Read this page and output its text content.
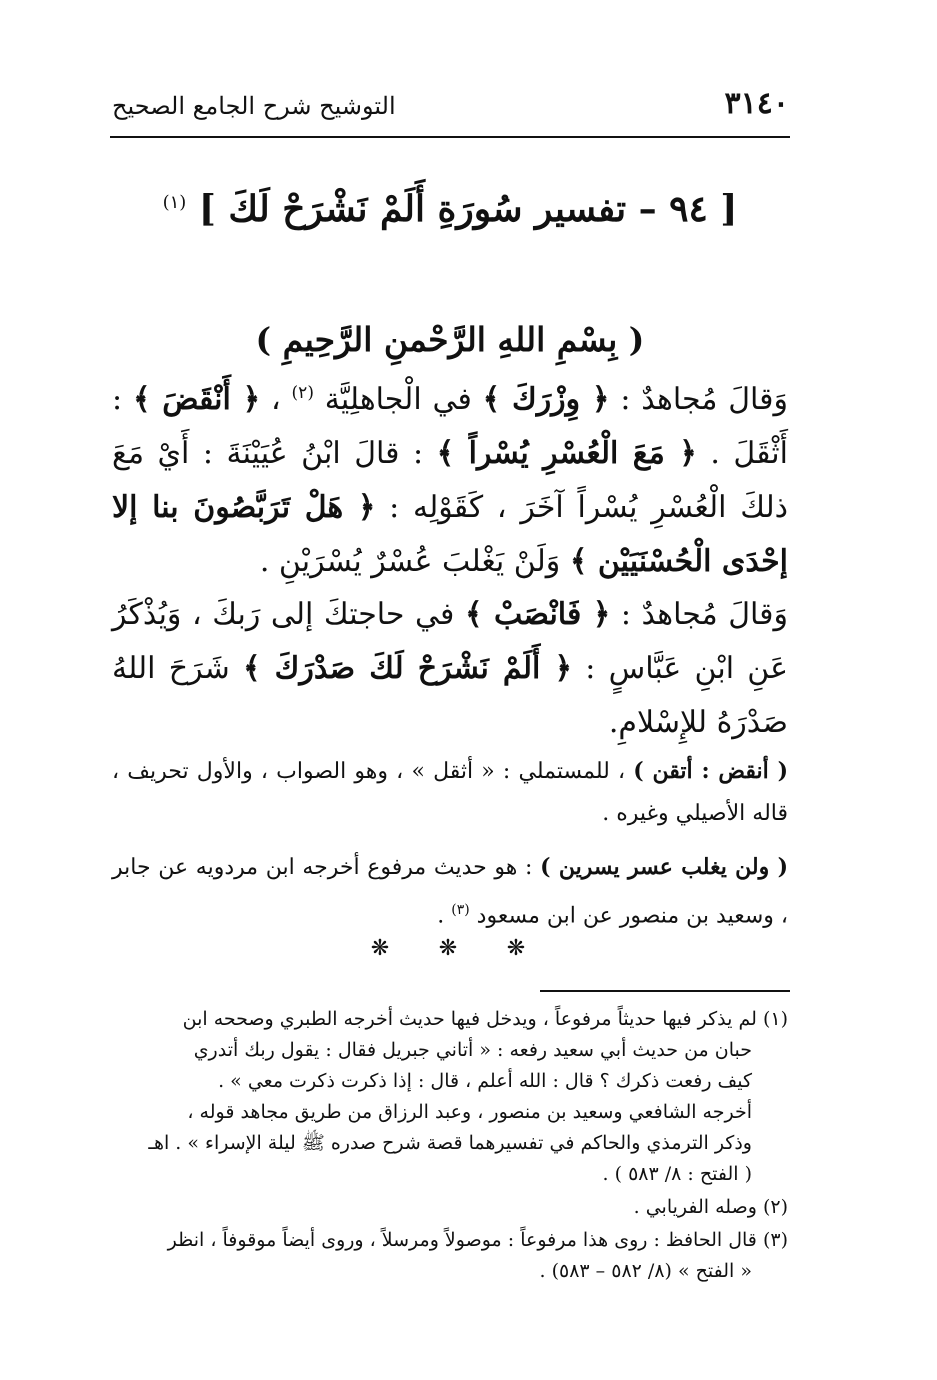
٣١٤٠
التوشيح شرح الجامع الصحيح
[ ٩٤ – تفسير سُورَةِ أَلَمْ نَشْرَحْ لَكَ ] $^{(١)}$
( بِسْمِ اللهِ الرَّحْمنِ الرَّحِيمِ )
وَقالَ مُجاهدٌ : ﴿ وِزْرَكَ ﴾ في الْجاهلِيَّة $^{(٢)}$ ، ﴿ أَنْقَضَ ﴾ : أَثْقَلَ . ﴿ مَعَ الْعُسْرِ يُسْراً ﴾ : قالَ ابْنُ عُيَيْنَةَ : أَيْ مَعَ ذلكَ الْعُسْرِ يُسْراً آخَرَ ، كَقَوْلِه : ﴿ هَلْ تَرَبَّصُونَ بنا إلا إحْدَى الْحُسْنَيَيْن ﴾ وَلَنْ يَغْلبَ عُسْرٌ يُسْرَيْنِ .
وَقالَ مُجاهدٌ : ﴿ فَانْصَبْ ﴾ في حاجتكَ إلى رَبكَ ، وَيُذْكَرُ عَنِ ابْنِ عَبَّاسٍ : ﴿ أَلَمْ نَشْرَحْ لَكَ صَدْرَكَ ﴾ شَرَحَ اللهُ صَدْرَهُ للإِسْلامِ.
( أنقض : أتقن ) ، للمستملي : « أثقل » ، وهو الصواب ، والأول تحريف ، قاله الأصيلي وغيره .
( ولن يغلب عسر يسرين ) : هو حديث مرفوع أخرجه ابن مردويه عن جابر ، وسعيد بن منصور عن ابن مسعود $^{(٣)}$ .
❋ ❋ ❋
(١) لم يذكر فيها حديثاً مرفوعاً ، ويدخل فيها حديث أخرجه الطبري وصححه ابن
حبان من حديث أبي سعيد رفعه : « أتاني جبريل فقال : يقول ربك أتدري
كيف رفعت ذكرك ؟ قال : الله أعلم ، قال : إذا ذكرت ذكرت معي » .
أخرجه الشافعي وسعيد بن منصور ، وعبد الرزاق من طريق مجاهد قوله ،
وذكر الترمذي والحاكم في تفسيرهما قصة شرح صدره ﷺ ليلة الإسراء » . اهـ
( الفتح : ٨/ ٥٨٣ ) .
(٢) وصله الفريابي .
(٣) قال الحافظ : روى هذا مرفوعاً : موصولاً ومرسلاً ، وروى أيضاً موقوفاً ، انظر
« الفتح » (٨/ ٥٨٢ – ٥٨٣) .
